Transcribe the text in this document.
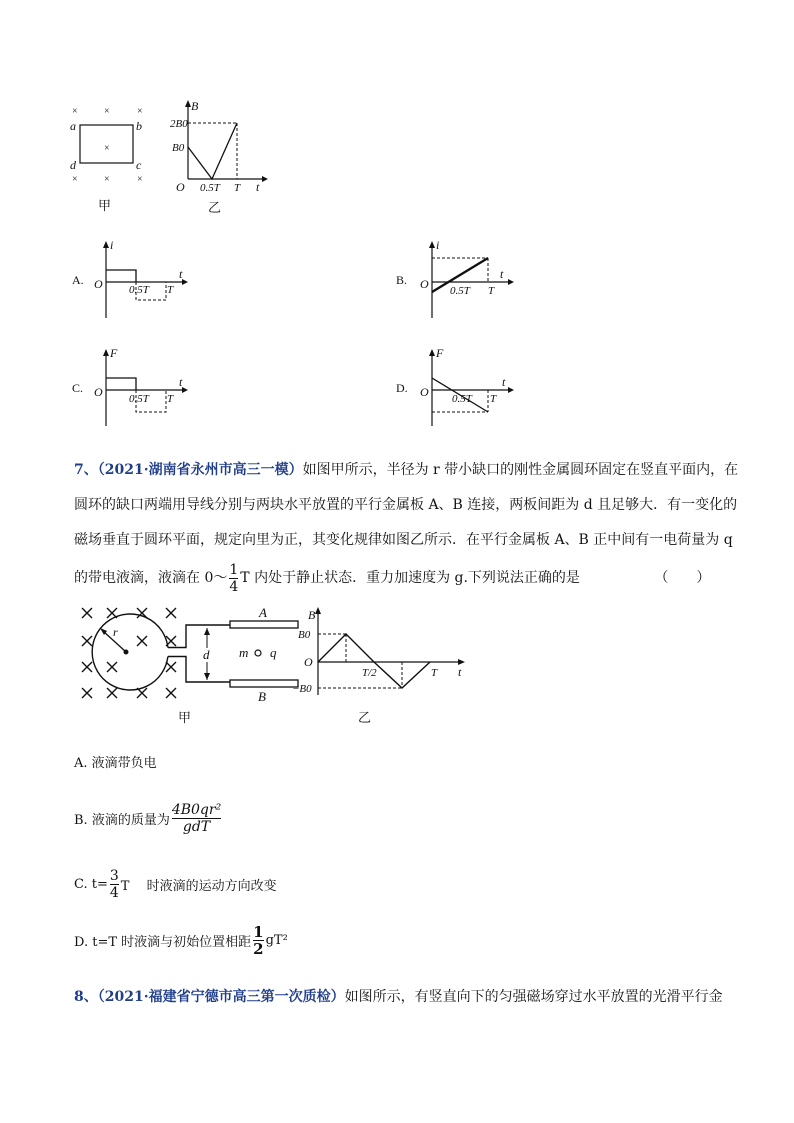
×	×	×
×
×	×	×
a	b
c
d
甲
B
2B0
B0
O 0.5T T t
乙
A.
i
O 0.5T T
t	B.
i
O 0.5T T
t
C.
F
O 0.5T T
t	D.
F
O 0.5T T
t
7、（2021·湖南省永州市高三一模）如图甲所示，半径为 r 带小缺口的刚性金属圆环固定在竖直平面内，在
圆环的缺口两端用导线分别与两块水平放置的平行金属板 A、B 连接，两板间距为 d 且足够大．有一变化的
磁场垂直于圆环平面，规定向里为正，其变化规律如图乙所示．在平行金属板 A、B 正中间有一电荷量为 q
的带电液滴，液滴在 0～ $\frac{1}{4}$ T 内处于静止状态．重力加速度为 g.下列说法正确的是	（　　）
r
A
B
d m q
甲
B
B0
−B0
O
T/2	T t
乙
A. 液滴带负电
B. 液滴的质量为 $\frac{\text{4B0qr²}}{\text{gdT}}$
C. $t= \frac{3}{4}$ T　 时液滴的运动方向改变
D. t=T 时液滴与初始位置相距 $\frac{1}{2} gT^2$
8、（2021·福建省宁德市高三第一次质检）如图所示，有竖直向下的匀强磁场穿过水平放置的光滑平行金
